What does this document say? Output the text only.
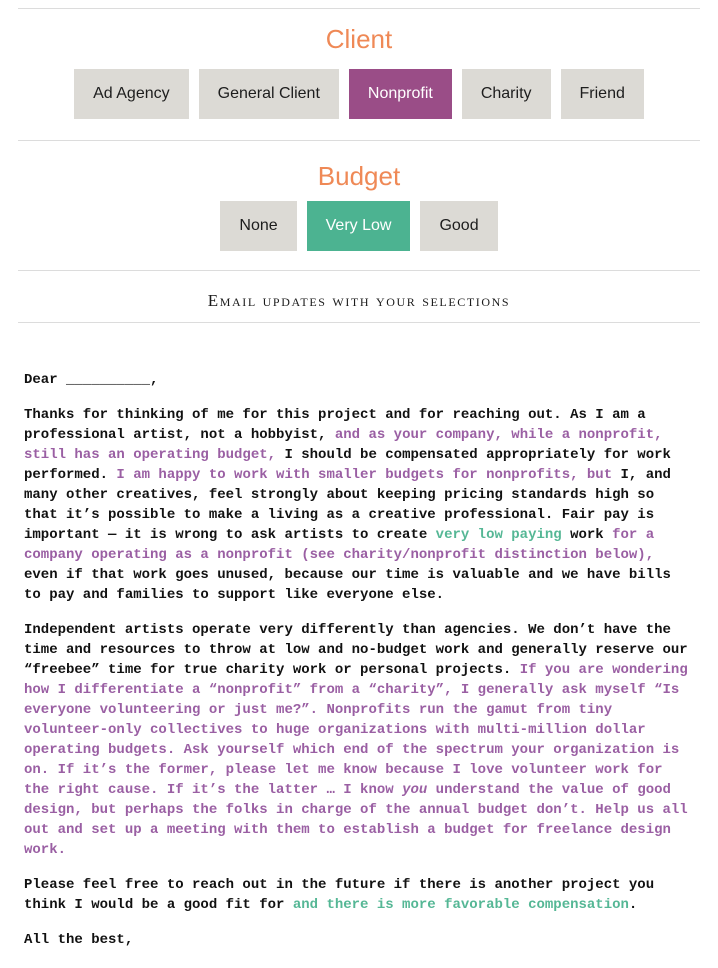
Client
Ad Agency	General Client	Nonprofit	Charity	Friend
Budget
None	Very Low	Good
Email updates with your selections

Dear __________,

Thanks for thinking of me for this project and for reaching out. As I am a professional artist, not a hobbyist, and as your company, while a nonprofit, still has an operating budget, I should be compensated appropriately for work performed. I am happy to work with smaller budgets for nonprofits, but I, and many other creatives, feel strongly about keeping pricing standards high so that it’s possible to make a living as a creative professional. Fair pay is important — it is wrong to ask artists to create very low paying work for a company operating as a nonprofit (see charity/nonprofit distinction below), even if that work goes unused, because our time is valuable and we have bills to pay and families to support like everyone else.

Independent artists operate very differently than agencies. We don’t have the time and resources to throw at low and no-budget work and generally reserve our “freebee” time for true charity work or personal projects. If you are wondering how I differentiate a “nonprofit” from a “charity”, I generally ask myself “Is everyone volunteering or just me?”. Nonprofits run the gamut from tiny volunteer-only collectives to huge organizations with multi-million dollar operating budgets. Ask yourself which end of the spectrum your organization is on. If it’s the former, please let me know because I love volunteer work for the right cause. If it’s the latter … I know you understand the value of good design, but perhaps the folks in charge of the annual budget don’t. Help us all out and set up a meeting with them to establish a budget for freelance design work.

Please feel free to reach out in the future if there is another project you think I would be a good fit for and there is more favorable compensation.

All the best,
